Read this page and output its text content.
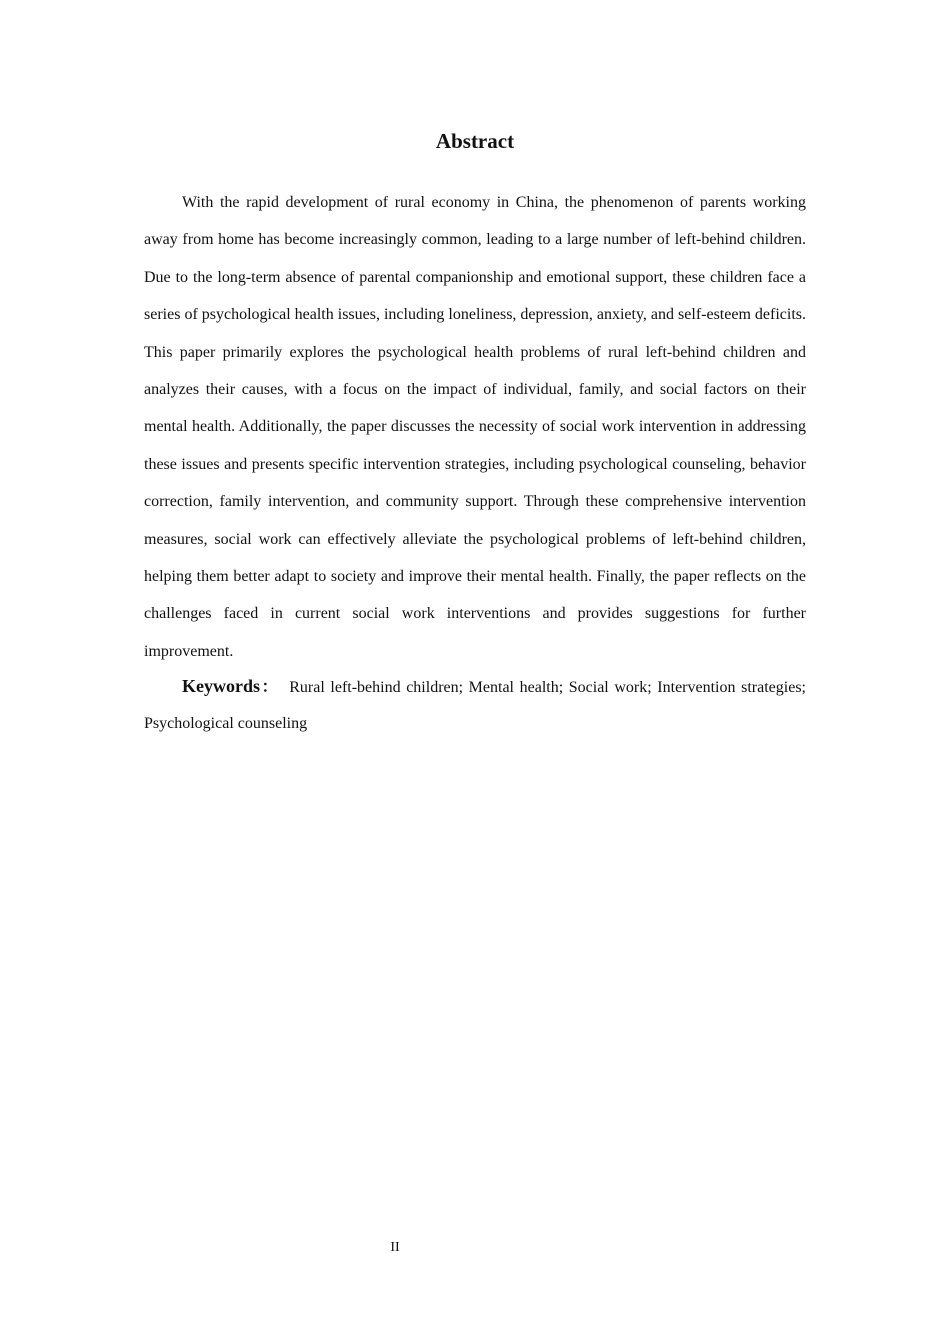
Abstract

With the rapid development of rural economy in China, the phenomenon of parents working away from home has become increasingly common, leading to a large number of left-behind children. Due to the long-term absence of parental companionship and emotional support, these children face a series of psychological health issues, including loneliness, depression, anxiety, and self-esteem deficits. This paper primarily explores the psychological health problems of rural left-behind children and analyzes their causes, with a focus on the impact of individual, family, and social factors on their mental health. Additionally, the paper discusses the necessity of social work intervention in addressing these issues and presents specific intervention strategies, including psychological counseling, behavior correction, family intervention, and community support. Through these comprehensive intervention measures, social work can effectively alleviate the psychological problems of left-behind children, helping them better adapt to society and improve their mental health. Finally, the paper reflects on the challenges faced in current social work interventions and provides suggestions for further improvement.

Keywords： Rural left-behind children; Mental health; Social work; Intervention strategies; Psychological counseling

II
